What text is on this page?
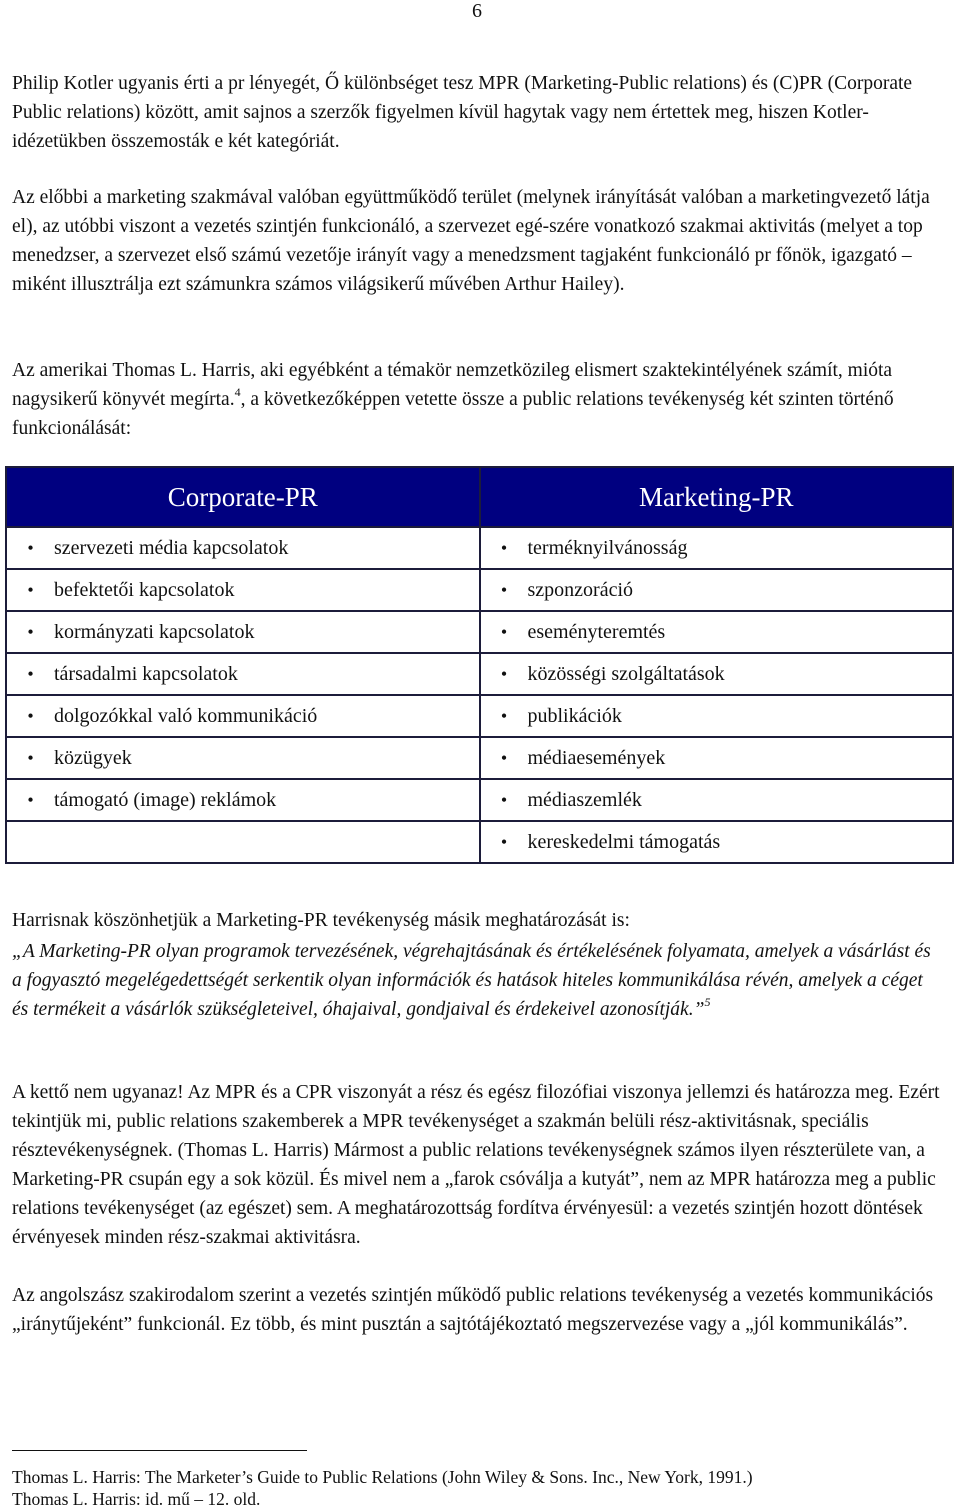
6

Philip Kotler ugyanis érti a pr lényegét, Ő különbséget tesz MPR (Marketing-Public relations) és (C)PR (Corporate Public relations) között, amit sajnos a szerzők figyelmen kívül hagytak vagy nem értettek meg, hiszen Kotler-idézetükben összemosták e két kategóriát.

Az előbbi a marketing szakmával valóban együttműködő terület (melynek irányítását valóban a marketingvezető látja el), az utóbbi viszont a vezetés szintjén funkcionáló, a szervezet egé-szére vonatkozó szakmai aktivitás (melyet a top menedzser, a szervezet első számú vezetője irányít vagy a menedzsment tagjaként funkcionáló pr főnök, igazgató – miként illusztrálja ezt számunkra számos világsikerű művében Arthur Hailey).

Az amerikai Thomas L. Harris, aki egyébként a témakör nemzetközileg elismert szaktekintélyének számít, mióta nagysikerű könyvét megírta.$^4$, a következőképpen vetette össze a public relations tevékenység két szinten történő funkcionálását:

Corporate-PR	Marketing-PR

• szervezeti média kapcsolatok	• terméknyilvánosság

• befektetői kapcsolatok	• szponzoráció

• kormányzati kapcsolatok	• eseményteremtés

• társadalmi kapcsolatok	• közösségi szolgáltatások

• dolgozókkal való kommunikáció	• publikációk

• közügyek	• médiaesemények

• támogató (image) reklámok	• médiaszemlék

	• kereskedelmi támogatás

Harrisnak köszönhetjük a Marketing-PR tevékenység másik meghatározását is:

„A Marketing-PR olyan programok tervezésének, végrehajtásának és értékelésének folyamata, amelyek a vásárlást és a fogyasztó megelégedettségét serkentik olyan információk és hatások hiteles kommunikálása révén, amelyek a céget és termékeit a vásárlók szükségleteivel, óhajaival, gondjaival és érdekeivel azonosítják.”$^5$

A kettő nem ugyanaz! Az MPR és a CPR viszonyát a rész és egész filozófiai viszonya jellemzi és határozza meg. Ezért tekintjük mi, public relations szakemberek a MPR tevékenységet a szakmán belüli rész-aktivitásnak, speciális résztevékenységnek. (Thomas L. Harris) Mármost a public relations tevékenységnek számos ilyen részterülete van, a Marketing-PR csupán egy a sok közül. És mivel nem a „farok csóválja a kutyát”, nem az MPR határozza meg a public relations tevékenységet (az egészet) sem. A meghatározottság fordítva érvényesül: a vezetés szintjén hozott döntések érvényesek minden rész-szakmai aktivitásra.

Az angolszász szakirodalom szerint a vezetés szintjén működő public relations tevékenység a vezetés kommunikációs „iránytűjeként” funkcionál. Ez több, és mint pusztán a sajtótájékoztató megszervezése vagy a „jól kommunikálás”.

Thomas L. Harris: The Marketer’s Guide to Public Relations (John Wiley & Sons. Inc., New York, 1991.)

Thomas L. Harris: id. mű – 12. old.
